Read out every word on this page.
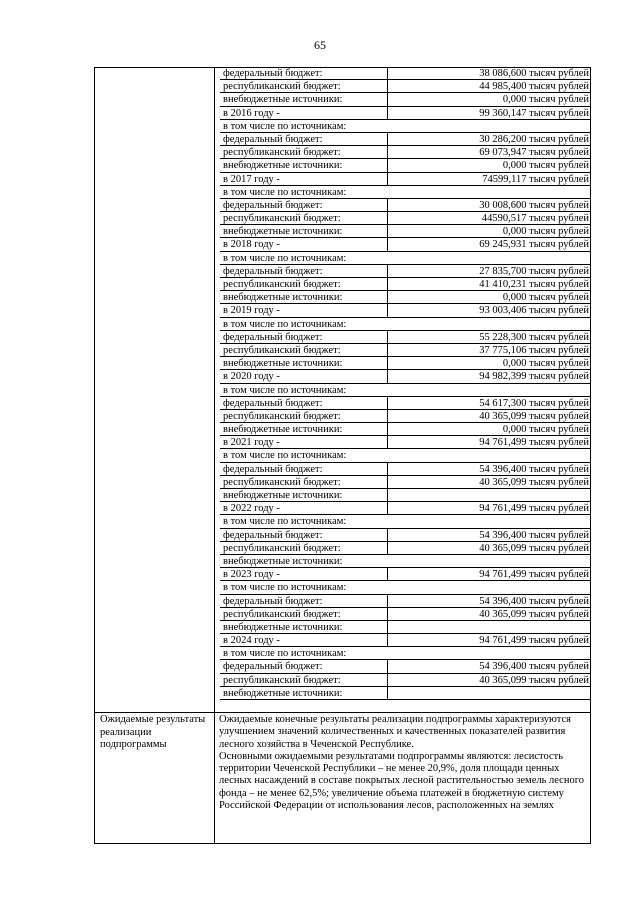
65
федеральный бюджет:	38 086,600 тысяч рублей
республиканский бюджет:	44 985,400 тысяч рублей
внебюджетные источники:	0,000 тысяч рублей
в 2016 году -	99 360,147 тысяч рублей
в том числе по источникам:
федеральный бюджет:	30 286,200 тысяч рублей
республиканский бюджет:	69 073,947 тысяч рублей
внебюджетные источники:	0,000 тысяч рублей
в 2017 году -	74599,117 тысяч рублей
в том числе по источникам:
федеральный бюджет:	30 008,600 тысяч рублей
республиканский бюджет:	44590,517 тысяч рублей
внебюджетные источники:	0,000 тысяч рублей
в 2018 году -	69 245,931 тысяч рублей
в том числе по источникам:
федеральный бюджет:	27 835,700 тысяч рублей
республиканский бюджет:	41 410,231 тысяч рублей
внебюджетные источники:	0,000 тысяч рублей
в 2019 году -	93 003,406 тысяч рублей
в том числе по источникам:
федеральный бюджет:	55 228,300 тысяч рублей
республиканский бюджет:	37 775,106 тысяч рублей
внебюджетные источники:	0,000 тысяч рублей
в 2020 году -	94 982,399 тысяч рублей
в том числе по источникам:
федеральный бюджет:	54 617,300 тысяч рублей
республиканский бюджет:	40 365,099 тысяч рублей
внебюджетные источники:	0,000 тысяч рублей
в 2021 году -	94 761,499 тысяч рублей
в том числе по источникам:
федеральный бюджет:	54 396,400 тысяч рублей
республиканский бюджет:	40 365,099 тысяч рублей
внебюджетные источники:
в 2022 году -	94 761,499 тысяч рублей
в том числе по источникам:
федеральный бюджет:	54 396,400 тысяч рублей
республиканский бюджет:	40 365,099 тысяч рублей
внебюджетные источники:
в 2023 году -	94 761,499 тысяч рублей
в том числе по источникам:
федеральный бюджет:	54 396,400 тысяч рублей
республиканский бюджет:	40 365,099 тысяч рублей
внебюджетные источники:
в 2024 году -	94 761,499 тысяч рублей
в том числе по источникам:
федеральный бюджет:	54 396,400 тысяч рублей
республиканский бюджет:	40 365,099 тысяч рублей
внебюджетные источники:
Ожидаемые результаты реализации подпрограммы

Ожидаемые конечные результаты реализации подпрограммы характеризуются улучшением значений количественных и качественных показателей развития лесного хозяйства в Чеченской Республике.

Основными ожидаемыми результатами подпрограммы являются: лесистость территории Чеченской Республики – не менее 20,9%, доля площади ценных лесных насаждений в составе покрытых лесной растительностью земель лесного фонда – не менее 62,5%; увеличение объема платежей в бюджетную систему Российской Федерации от использования лесов, расположенных на землях
